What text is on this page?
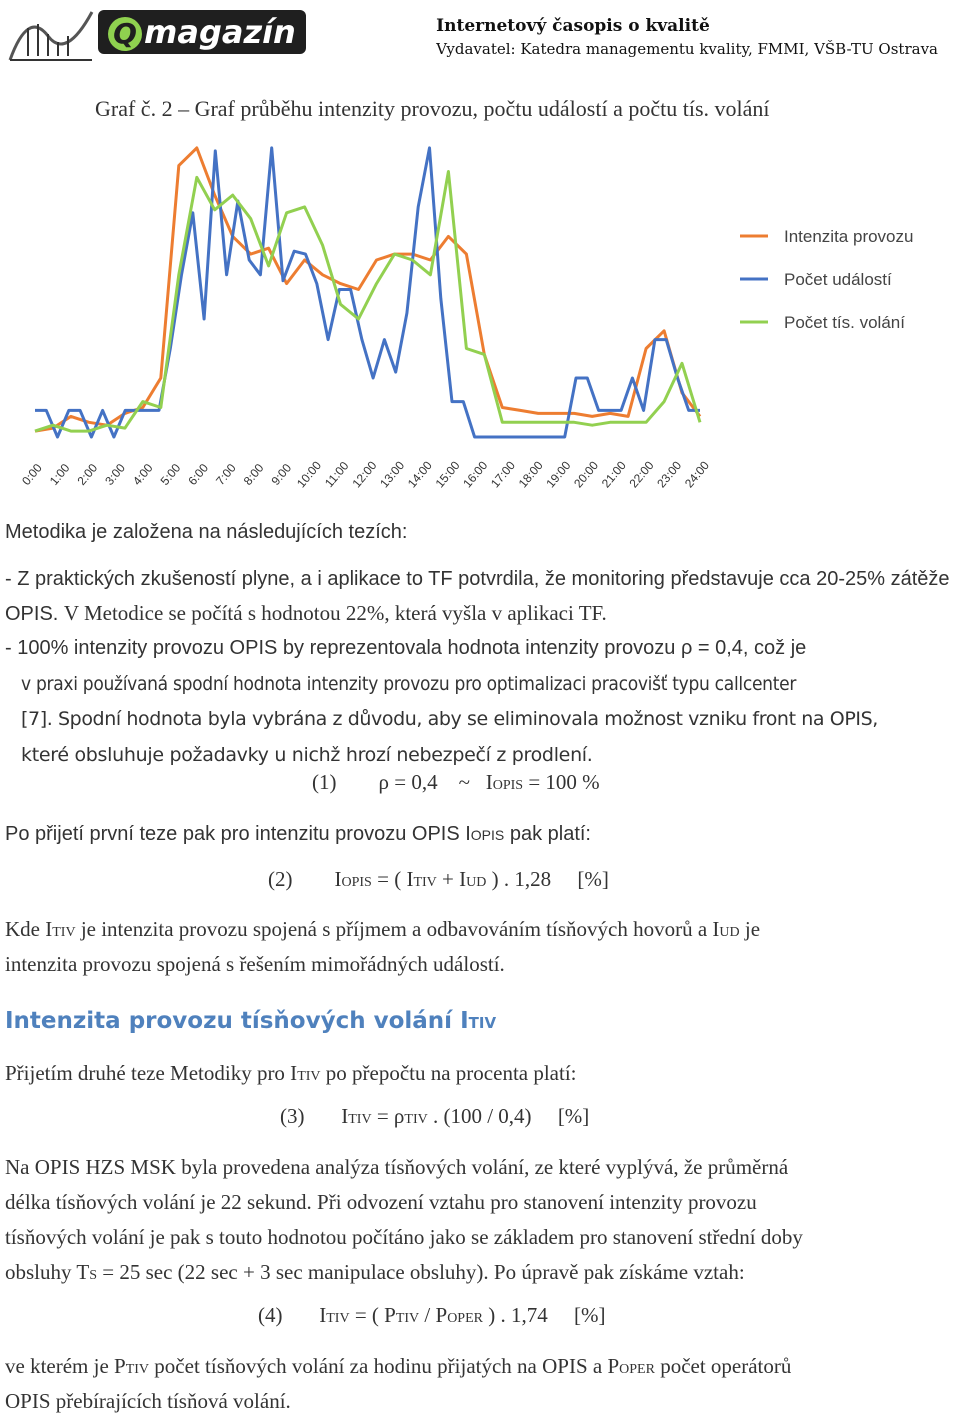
Q magazín	Internetový časopis o kvalitě
Vydavatel: Katedra managementu kvality, FMMI, VŠB-TU Ostrava
Graf č. 2 – Graf průběhu intenzity provozu, počtu událostí a počtu tís. volání
0:00 1:00 2:00 3:00 4:00 5:00 6:00 7:00 8:00 9:00 10:00
11:00
12:00
13:00
14:00
15:00
16:00
17:00
18:00
19:00
20:00
21:00
22:00
23:00
24:00
Intenzita provozu
Počet událostí
Počet tís. volání
Metodika je založena na následujících tezích:
- Z praktických zkušeností plyne, a i aplikace to TF potvrdila, že monitoring představuje cca 20-25% zátěže OPIS. V Metodice se počítá s hodnotou 22%, která vyšla v aplikaci TF.
- 100% intenzity provozu OPIS by reprezentovala hodnota intenzity provozu ρ = 0,4, což je
v praxi používaná spodní hodnota intenzity provozu pro optimalizaci pracovišť typu callcenter
[7]. Spodní hodnota byla vybrána z důvodu, aby se eliminovala možnost vzniku front na OPIS,
které obsluhuje požadavky u nichž hrozí nebezpečí z prodlení.
(1) ρ = 0,4 ~ IOPIS = 100 %
Po přijetí první teze pak pro intenzitu provozu OPIS IOPIS pak platí:
(2) IOPIS = ( ITIV + IUD ) . 1,28 [%]
Kde ITIV je intenzita provozu spojená s příjmem a odbavováním tísňových hovorů a IUD je
intenzita provozu spojená s řešením mimořádných událostí.
Intenzita provozu tísňových volání ITIV
Přijetím druhé teze Metodiky pro ITIV po přepočtu na procenta platí:
(3) ITIV = ρTIV . (100 / 0,4) [%]
Na OPIS HZS MSK byla provedena analýza tísňových volání, ze které vyplývá, že průměrná
délka tísňových volání je 22 sekund. Při odvození vztahu pro stanovení intenzity provozu
tísňových volání je pak s touto hodnotou počítáno jako se základem pro stanovení střední doby
obsluhy TS = 25 sec (22 sec + 3 sec manipulace obsluhy). Po úpravě pak získáme vztah:
(4) ITIV = ( PTIV / POPER ) . 1,74 [%]
ve kterém je PTIV počet tísňových volání za hodinu přijatých na OPIS a POPER počet operátorů
OPIS přebírajících tísňová volání.
